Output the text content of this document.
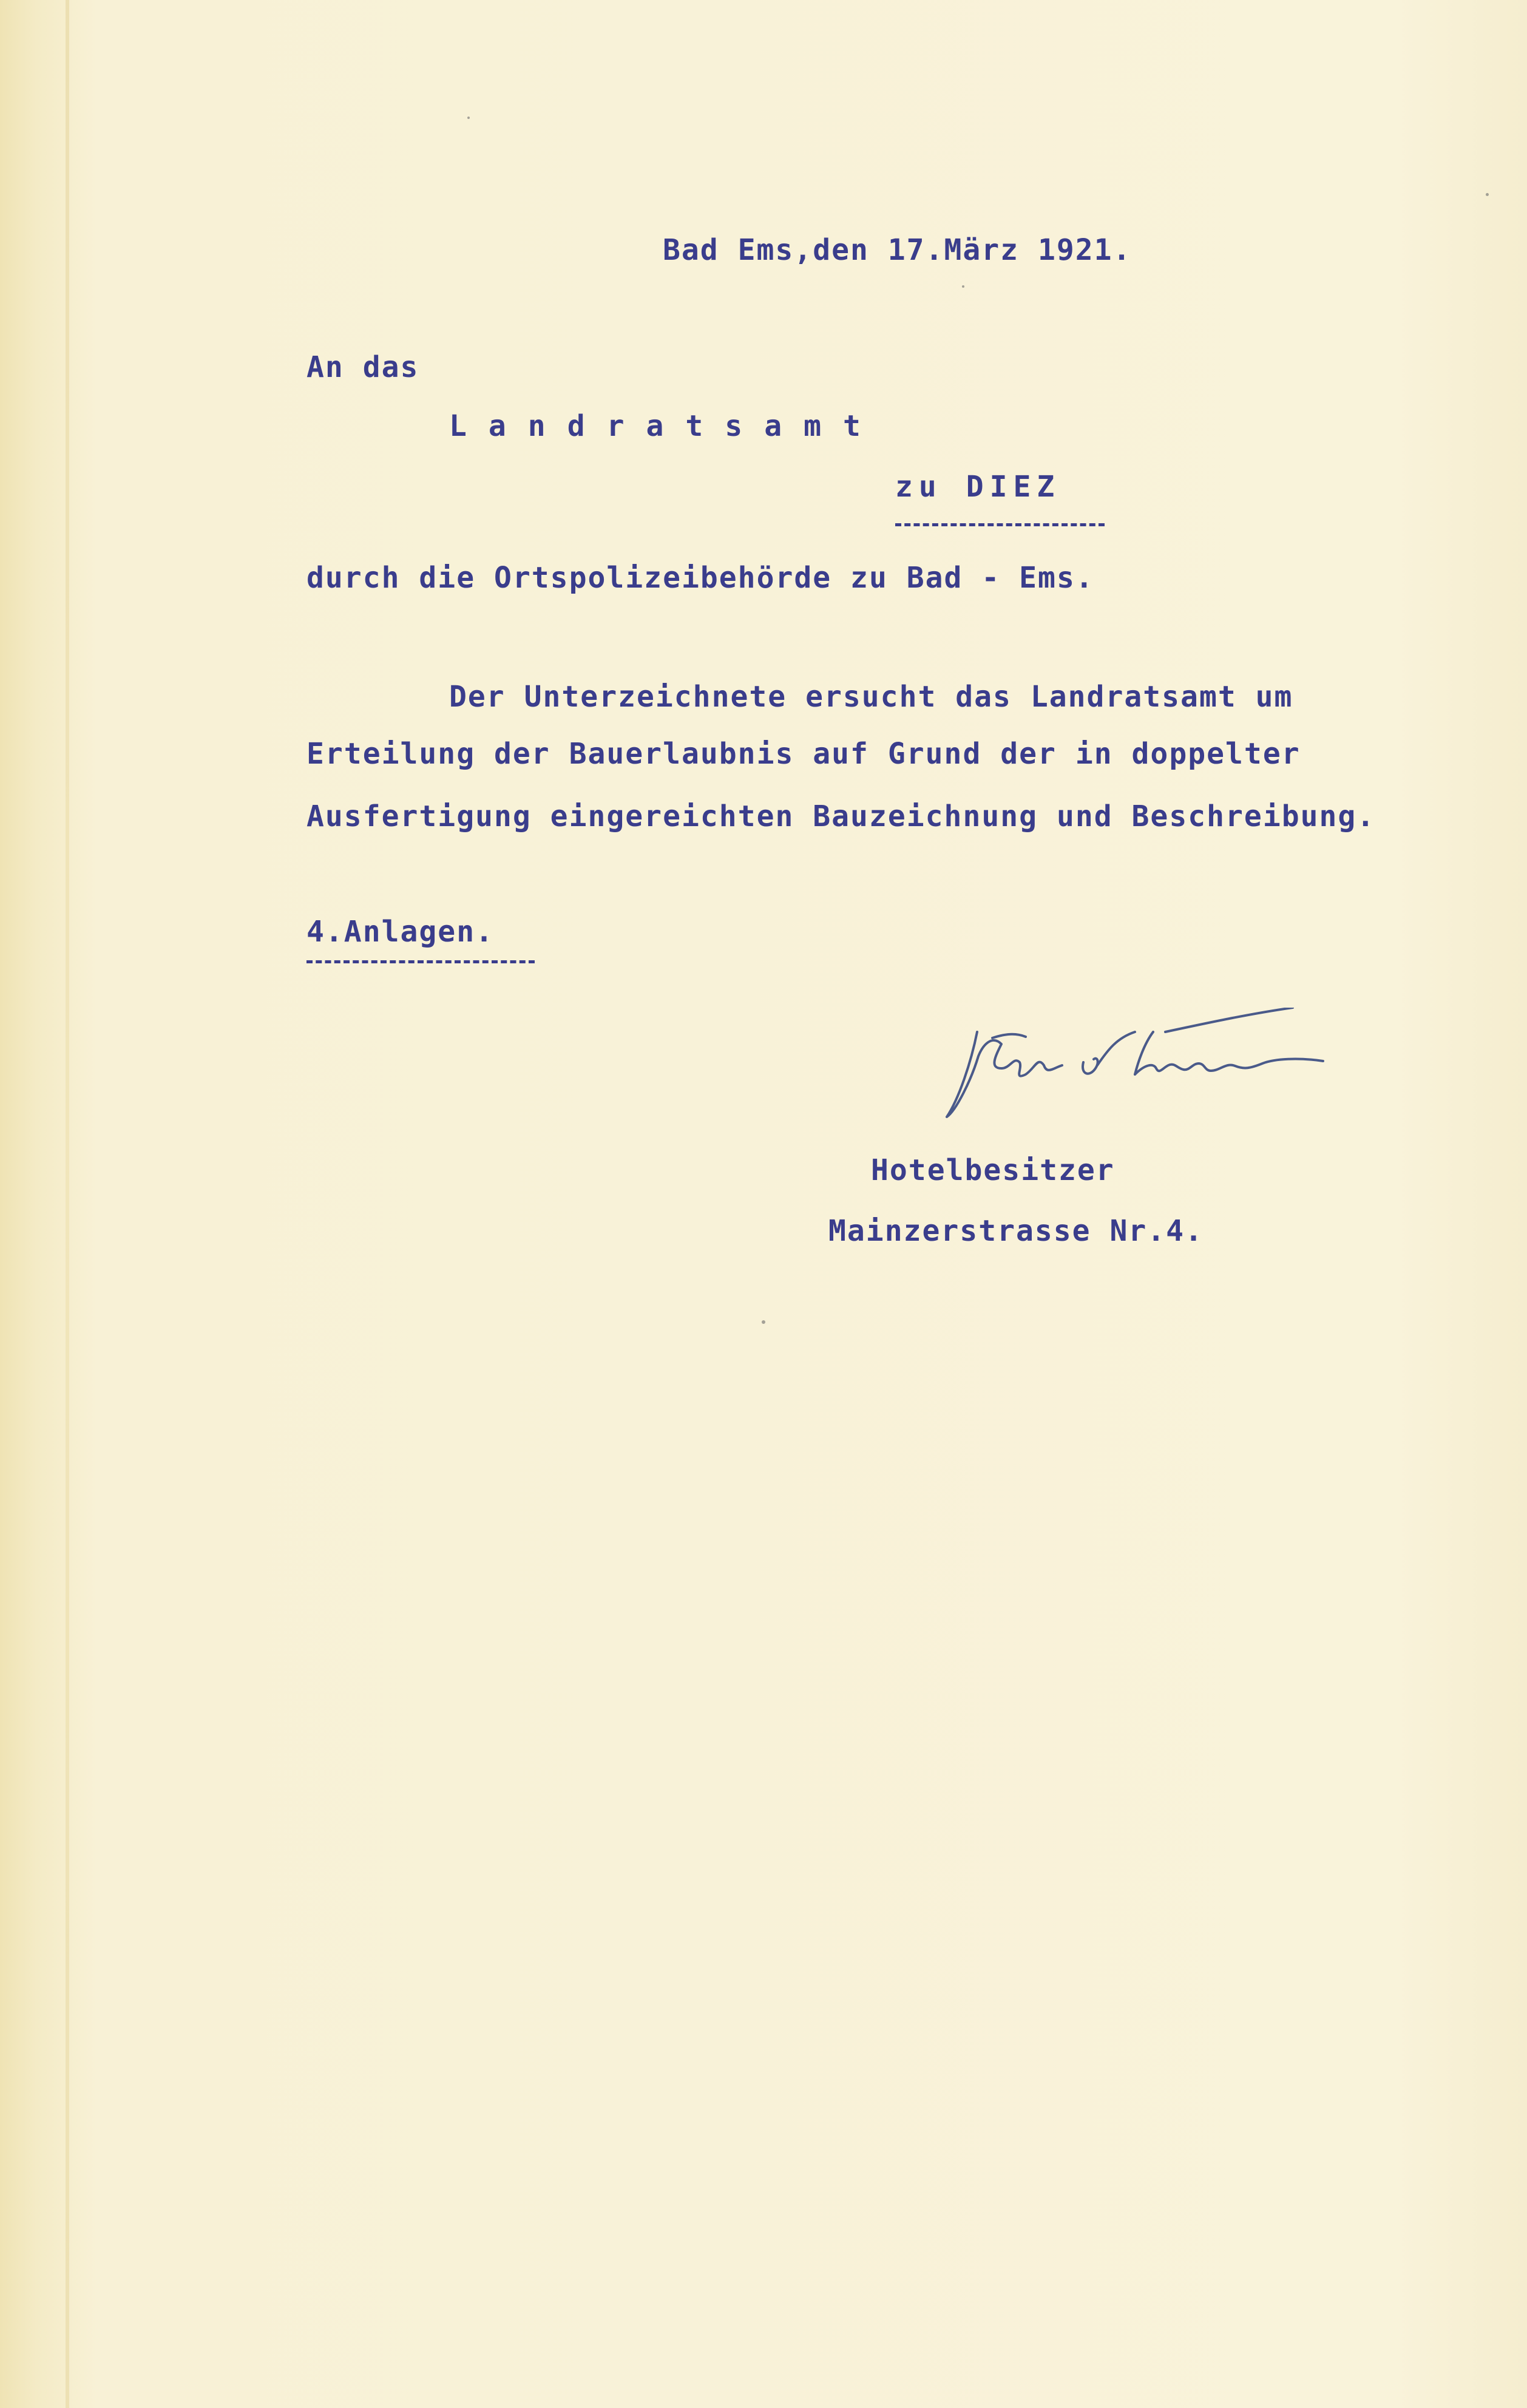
Bad Ems,den 17.März 1921.
An das
Landratsamt
zu DIEZ
durch die Ortspolizeibehörde zu Bad - Ems.
Der Unterzeichnete ersucht das Landratsamt um
Erteilung der Bauerlaubnis auf Grund der in doppelter
Ausfertigung eingereichten Bauzeichnung und Beschreibung.
4.Anlagen.
Johann v. Nierm
Hotelbesitzer
Mainzerstrasse Nr.4.
